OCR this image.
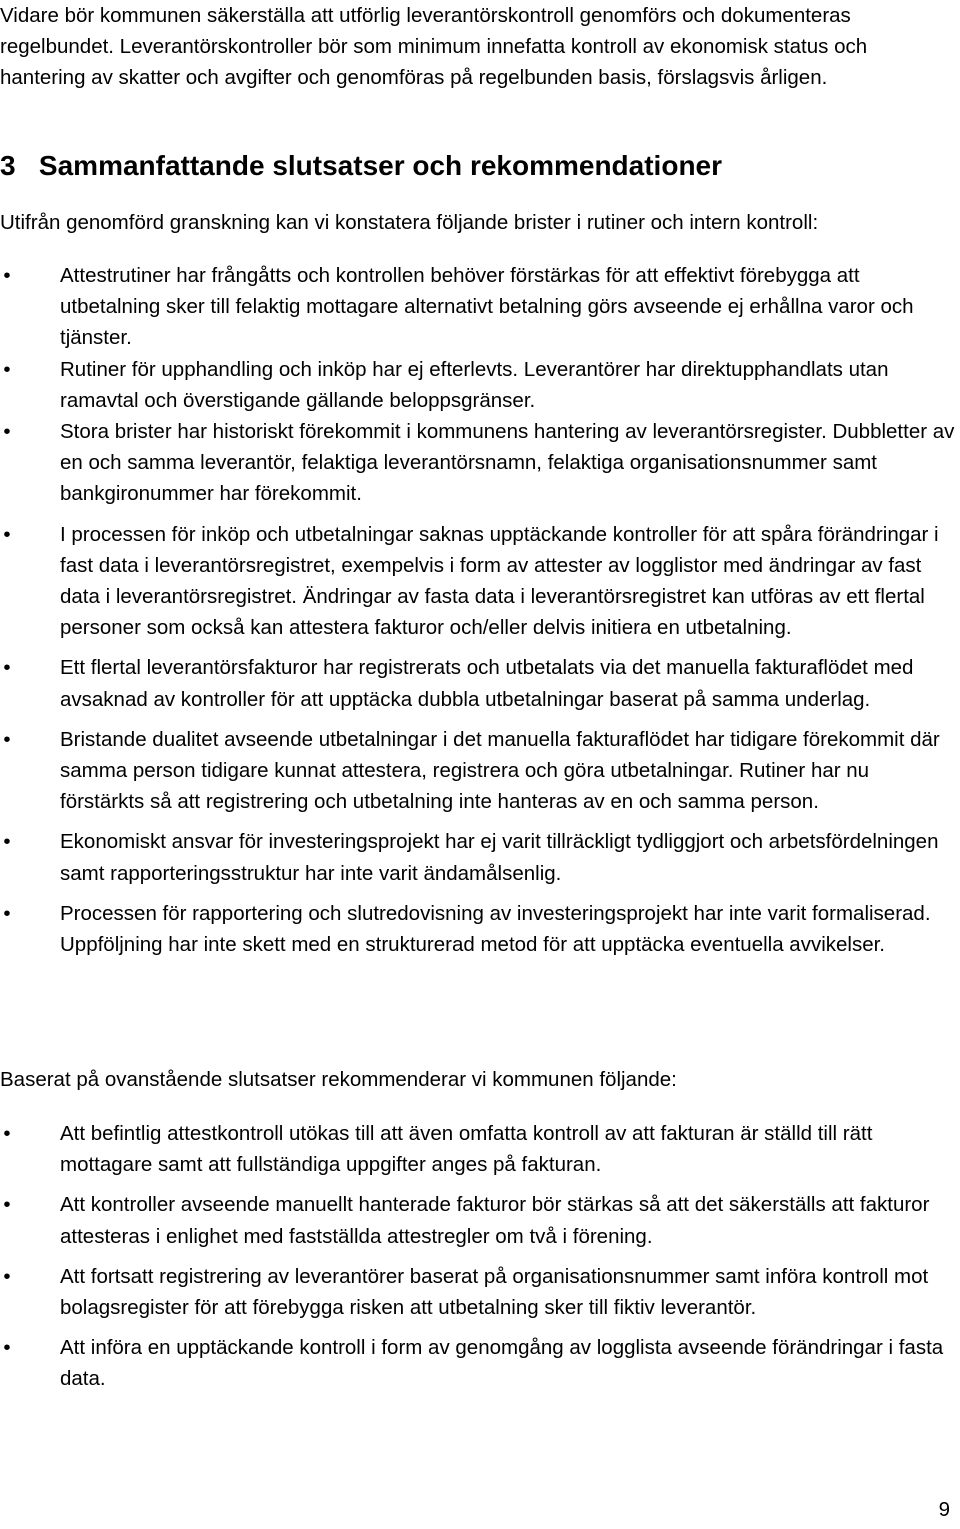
Vidare bör kommunen säkerställa att utförlig leverantörskontroll genomförs och dokumenteras regelbundet. Leverantörskontroller bör som minimum innefatta kontroll av ekonomisk status och hantering av skatter och avgifter och genomföras på regelbunden basis, förslagsvis årligen.

3 Sammanfattande slutsatser och rekommendationer

Utifrån genomförd granskning kan vi konstatera följande brister i rutiner och intern kontroll:

• Attestrutiner har frångåtts och kontrollen behöver förstärkas för att effektivt förebygga att utbetalning sker till felaktig mottagare alternativt betalning görs avseende ej erhållna varor och tjänster.
• Rutiner för upphandling och inköp har ej efterlevts. Leverantörer har direktupphandlats utan ramavtal och överstigande gällande beloppsgränser.
• Stora brister har historiskt förekommit i kommunens hantering av leverantörsregister. Dubbletter av en och samma leverantör, felaktiga leverantörsnamn, felaktiga organisationsnummer samt bankgironummer har förekommit.
• I processen för inköp och utbetalningar saknas upptäckande kontroller för att spåra förändringar i fast data i leverantörsregistret, exempelvis i form av attester av logglistor med ändringar av fast data i leverantörsregistret. Ändringar av fasta data i leverantörsregistret kan utföras av ett flertal personer som också kan attestera fakturor och/eller delvis initiera en utbetalning.
• Ett flertal leverantörsfakturor har registrerats och utbetalats via det manuella fakturaflödet med avsaknad av kontroller för att upptäcka dubbla utbetalningar baserat på samma underlag.
• Bristande dualitet avseende utbetalningar i det manuella fakturaflödet har tidigare förekommit där samma person tidigare kunnat attestera, registrera och göra utbetalningar. Rutiner har nu förstärkts så att registrering och utbetalning inte hanteras av en och samma person.
• Ekonomiskt ansvar för investeringsprojekt har ej varit tillräckligt tydliggjort och arbetsfördelningen samt rapporteringsstruktur har inte varit ändamålsenlig.
• Processen för rapportering och slutredovisning av investeringsprojekt har inte varit formaliserad. Uppföljning har inte skett med en strukturerad metod för att upptäcka eventuella avvikelser.

Baserat på ovanstående slutsatser rekommenderar vi kommunen följande:

• Att befintlig attestkontroll utökas till att även omfatta kontroll av att fakturan är ställd till rätt mottagare samt att fullständiga uppgifter anges på fakturan.
• Att kontroller avseende manuellt hanterade fakturor bör stärkas så att det säkerställs att fakturor attesteras i enlighet med fastställda attestregler om två i förening.
• Att fortsatt registrering av leverantörer baserat på organisationsnummer samt införa kontroll mot bolagsregister för att förebygga risken att utbetalning sker till fiktiv leverantör.
• Att införa en upptäckande kontroll i form av genomgång av logglista avseende förändringar i fasta data.
9
